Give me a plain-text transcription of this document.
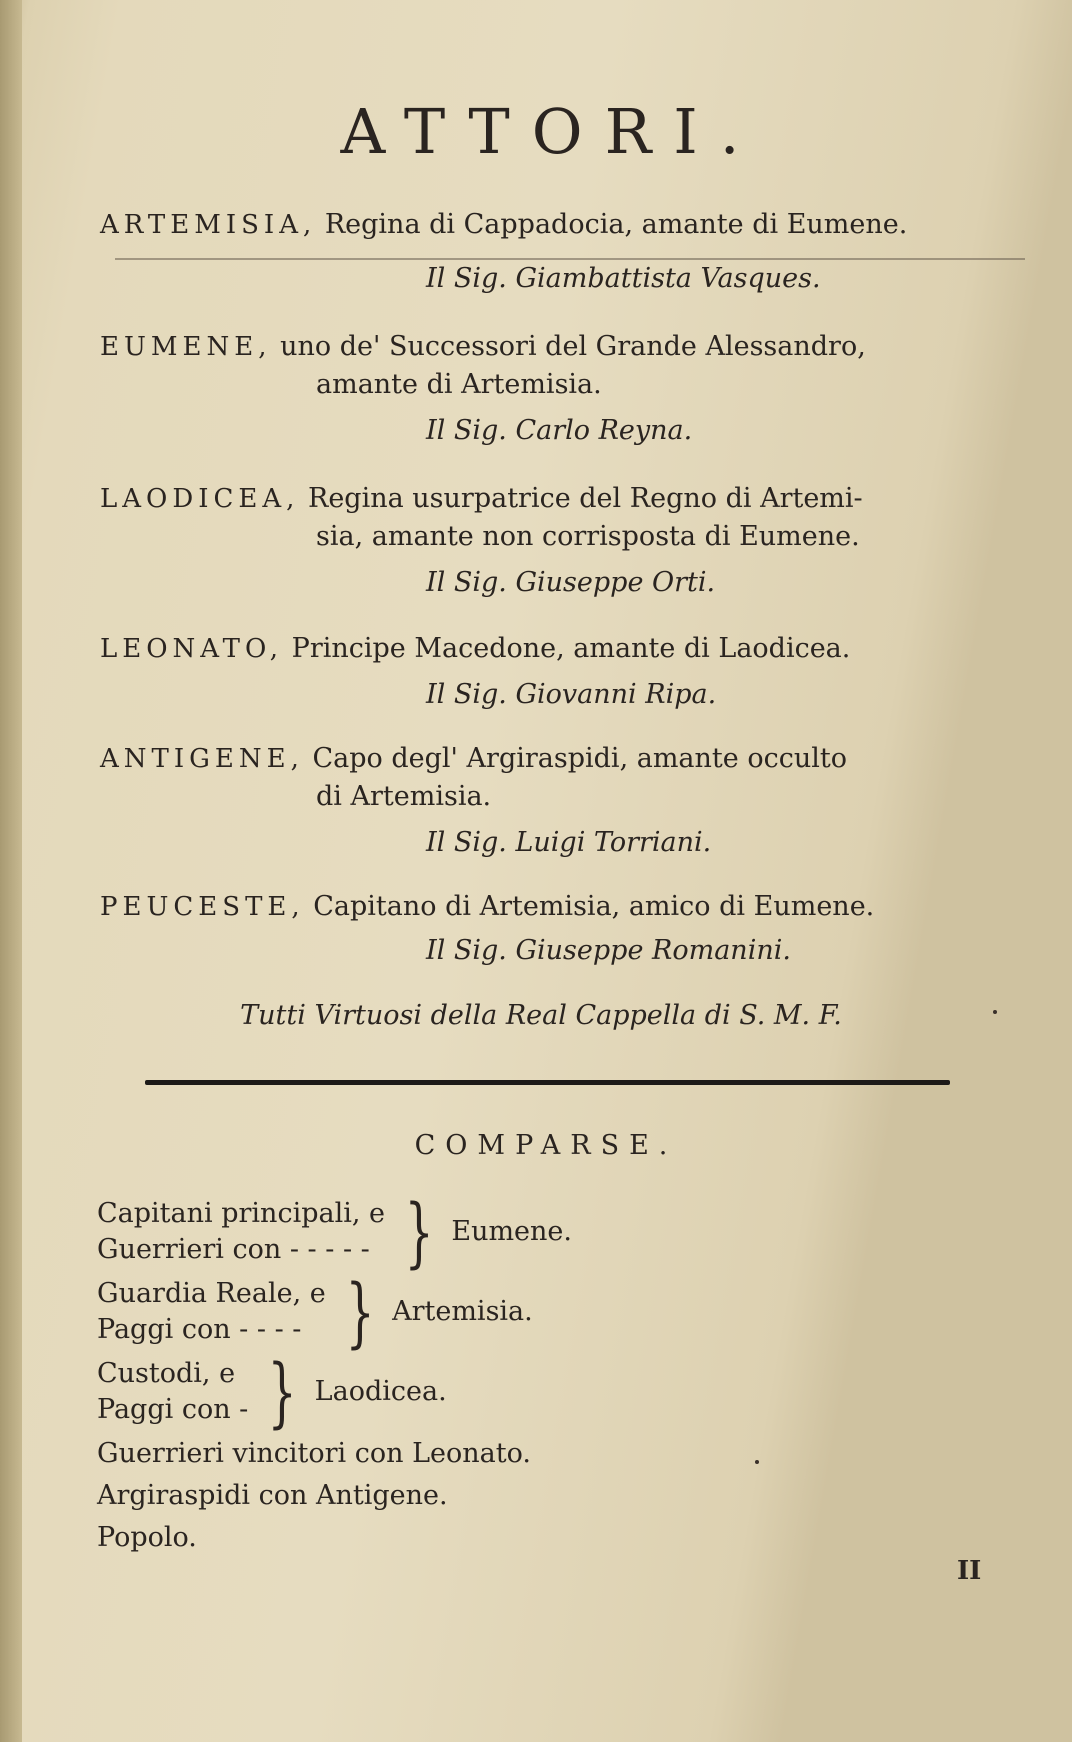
ATTORI.
ARTEMISIA, Regina di Cappadocia, amante di Eumene.
Il Sig. Giambattista Vasques.
EUMENE, uno de' Successori del Grande Alessandro,
amante di Artemisia.
Il Sig. Carlo Reyna.
LAODICEA, Regina usurpatrice del Regno di Artemi-
sia, amante non corrisposta di Eumene.
Il Sig. Giuseppe Orti.
LEONATO, Principe Macedone, amante di Laodicea.
Il Sig. Giovanni Ripa.
ANTIGENE, Capo degl' Argiraspidi, amante occulto
di Artemisia.
Il Sig. Luigi Torriani.
PEUCESTE, Capitano di Artemisia, amico di Eumene.
Il Sig. Giuseppe Romanini.
Tutti Virtuosi della Real Cappella di S. M. F.
COMPARSE.
Capitani principali, e
Guerrieri con - - - - - } Eumene.
Guardia Reale, e
Paggi con - - - - } Artemisia.
Custodi, e
Paggi con - } Laodicea.
Guerrieri vincitori con Leonato.
Argiraspidi con Antigene.
Popolo.
II
